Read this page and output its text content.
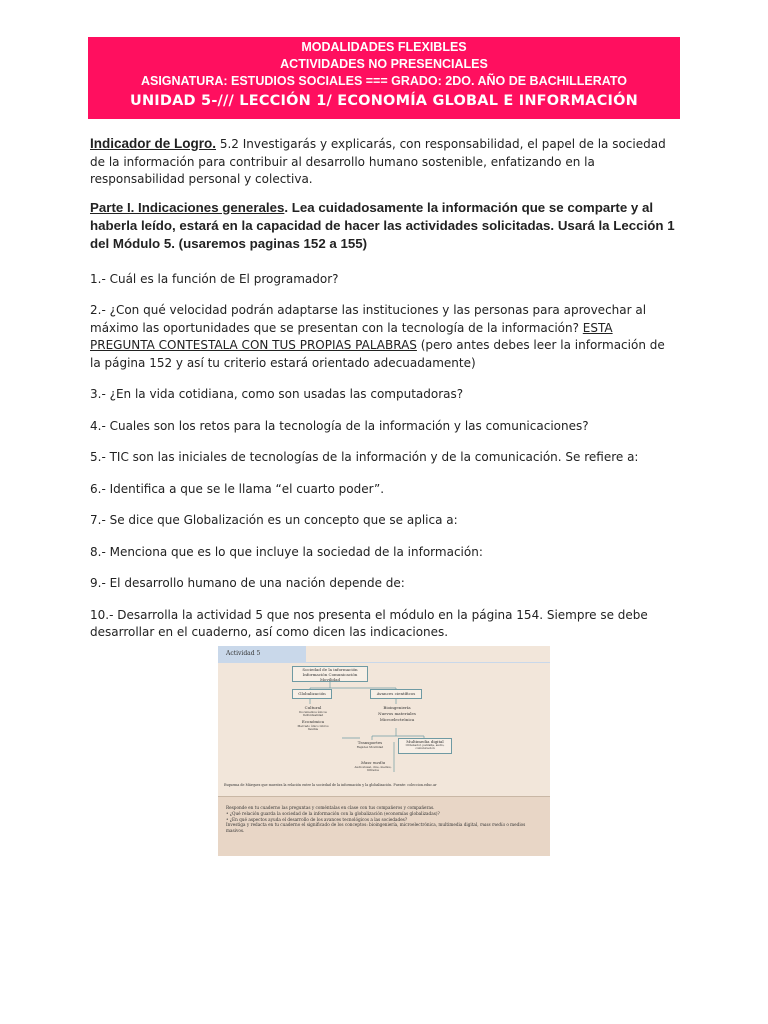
MODALIDADES FLEXIBLES
ACTIVIDADES NO PRESENCIALES
ASIGNATURA: ESTUDIOS SOCIALES === GRADO: 2DO. AÑO DE BACHILLERATO
UNIDAD 5-/// LECCIÓN 1/ ECONOMÍA GLOBAL E INFORMACIÓN

Indicador de Logro. 5.2 Investigarás y explicarás, con responsabilidad, el papel de la sociedad de la información para contribuir al desarrollo humano sostenible, enfatizando en la responsabilidad personal y colectiva.

Parte I. Indicaciones generales. Lea cuidadosamente la información que se comparte y al haberla leído, estará en la capacidad de hacer las actividades solicitadas. Usará la Lección 1 del Módulo 5. (usaremos paginas 152 a 155)

1.- Cuál es la función de El programador?

2.- ¿Con qué velocidad podrán adaptarse las instituciones y las personas para aprovechar al máximo las oportunidades que se presentan con la tecnología de la información? ESTA PREGUNTA CONTESTALA CON TUS PROPIAS PALABRAS (pero antes debes leer la información de la página 152 y así tu criterio estará orientado adecuadamente)

3.- ¿En la vida cotidiana, como son usadas las computadoras?

4.- Cuales son los retos para la tecnología de la información y las comunicaciones?

5.- TIC son las iniciales de tecnologías de la información y de la comunicación. Se refiere a:

6.- Identifica a que se le llama “el cuarto poder”.

7.- Se dice que Globalización es un concepto que se aplica a:

8.- Menciona que es lo que incluye la sociedad de la información:

9.- El desarrollo humano de una nación depende de:

10.- Desarrolla la actividad 5 que nos presenta el módulo en la página 154. Siempre se debe desarrollar en el cuaderno, así como dicen las indicaciones.

Actividad 5
Sociedad de la información
Información Comunicación Movilidad
Globalización	Avances científicos
Cultural
Documentos únicos Individualidad
Económica
Mercado único Libros flexible
Bioingeniería
Nuevos materiales
Microelectrónica
Transportes
Rapidez Movilidad
Multimedia digital
Ordenador, pantalla, audio, comunicación
Mass media
Audiovisual, cine, medios, filtrados
Esquema de Márquez que muestra la relación entre la sociedad de la información y la globalización. Fuente: coleccion.educ.ar
Responde en tu cuaderno las preguntas y coméntalas en clase con tus compañeros y compañeras.
• ¿Qué relación guarda la sociedad de la información con la globalización (economías globalizadas)?
• ¿En qué aspectos ayuda el desarrollo de los avances tecnológicos a las sociedades?
Investiga y redacta en tu cuaderno el significado de los conceptos: bioingeniería, microelectrónica, multimedia digital, mass media o medios masivos.
